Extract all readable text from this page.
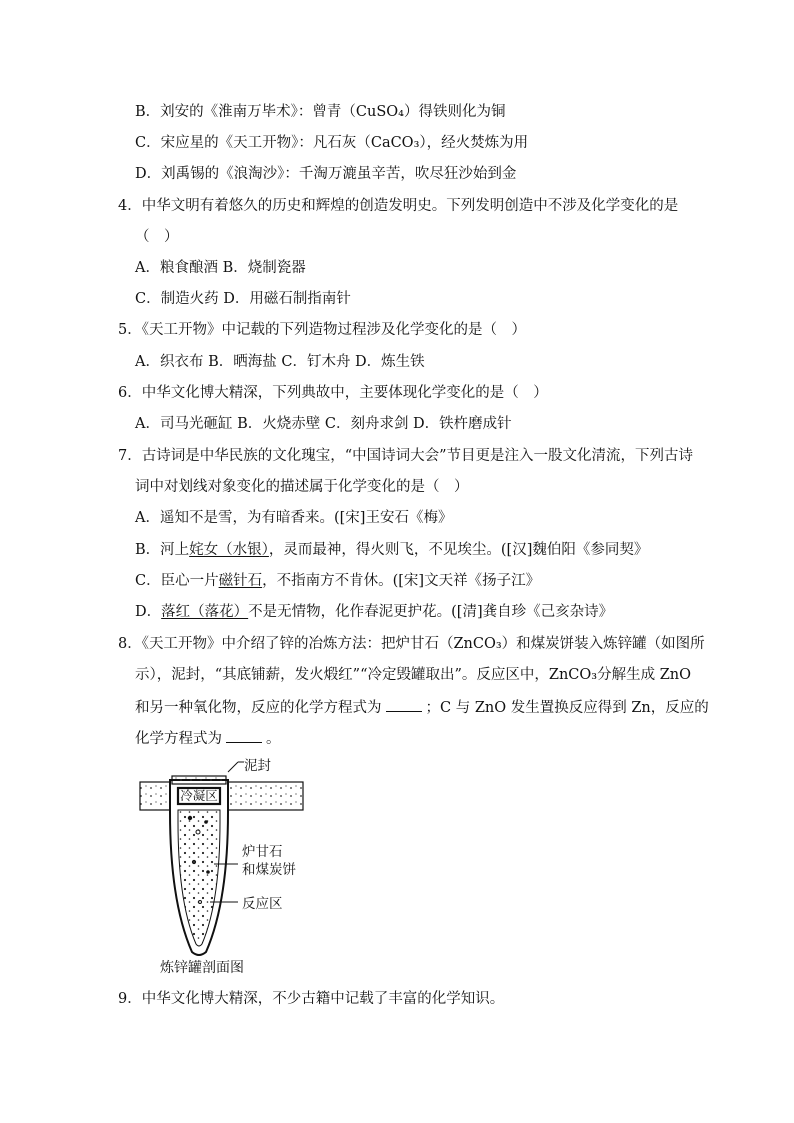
B．刘安的《淮南万毕术》：曾青（CuSO₄）得铁则化为铜
C．宋应星的《天工开物》：凡石灰（CaCO₃），经火焚炼为用
D．刘禹锡的《浪淘沙》：千淘万漉虽辛苦，吹尽狂沙始到金
4．中华文明有着悠久的历史和辉煌的创造发明史。下列发明创造中不涉及化学变化的是
（　）
A．粮食酿酒 B．烧制瓷器
C．制造火药 D．用磁石制指南针
5．《天工开物》中记载的下列造物过程涉及化学变化的是（　）
A．织衣布 B．晒海盐 C．钉木舟 D．炼生铁
6．中华文化博大精深，下列典故中，主要体现化学变化的是（　）
A．司马光砸缸 B．火烧赤壁 C．刻舟求剑 D．铁杵磨成针
7．古诗词是中华民族的文化瑰宝，“中国诗词大会”节目更是注入一股文化清流，下列古诗
词中对划线对象变化的描述属于化学变化的是（　）
A．遥知不是雪，为有暗香来。([宋]王安石《梅》
B．河上姹女（水银），灵而最神，得火则飞，不见埃尘。([汉]魏伯阳《参同契》
C．臣心一片磁针石，不指南方不肯休。([宋]文天祥《扬子江》
D．落红（落花）不是无情物，化作春泥更护花。([清]龚自珍《己亥杂诗》
8．《天工开物》中介绍了锌的冶炼方法：把炉甘石（ZnCO₃）和煤炭饼装入炼锌罐（如图所
示），泥封，“其底铺薪，发火煅红”“冷定毁罐取出”。反应区中，ZnCO₃分解生成 ZnO
和另一种氧化物，反应的化学方程式为	；C 与 ZnO 发生置换反应得到 Zn，反应的
化学方程式为	。
泥封
冷凝区
炉甘石
和煤炭饼
反应区
炼锌罐剖面图
9．中华文化博大精深，不少古籍中记载了丰富的化学知识。
